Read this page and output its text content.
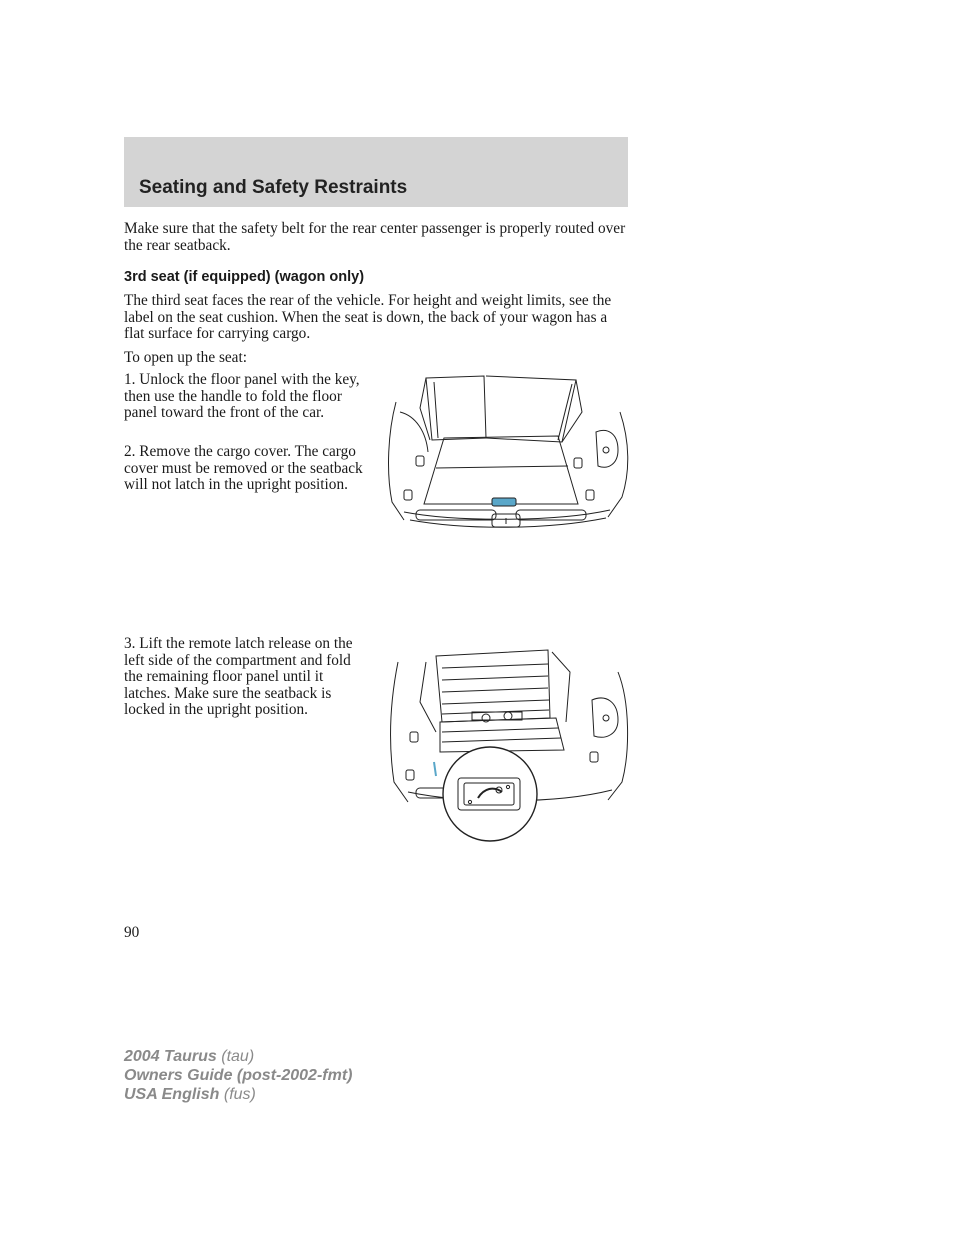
Seating and Safety Restraints
Make sure that the safety belt for the rear center passenger is properly routed over the rear seatback.
3rd seat (if equipped) (wagon only)
The third seat faces the rear of the vehicle. For height and weight limits, see the label on the seat cushion. When the seat is down, the back of your wagon has a flat surface for carrying cargo.
To open up the seat:
1. Unlock the floor panel with the key, then use the handle to fold the floor panel toward the front of the car.
2. Remove the cargo cover. The cargo cover must be removed or the seatback will not latch in the upright position.
3. Lift the remote latch release on the left side of the compartment and fold the remaining floor panel until it latches. Make sure the seatback is locked in the upright position.
90
2004 Taurus (tau)
Owners Guide (post-2002-fmt)
USA English (fus)
